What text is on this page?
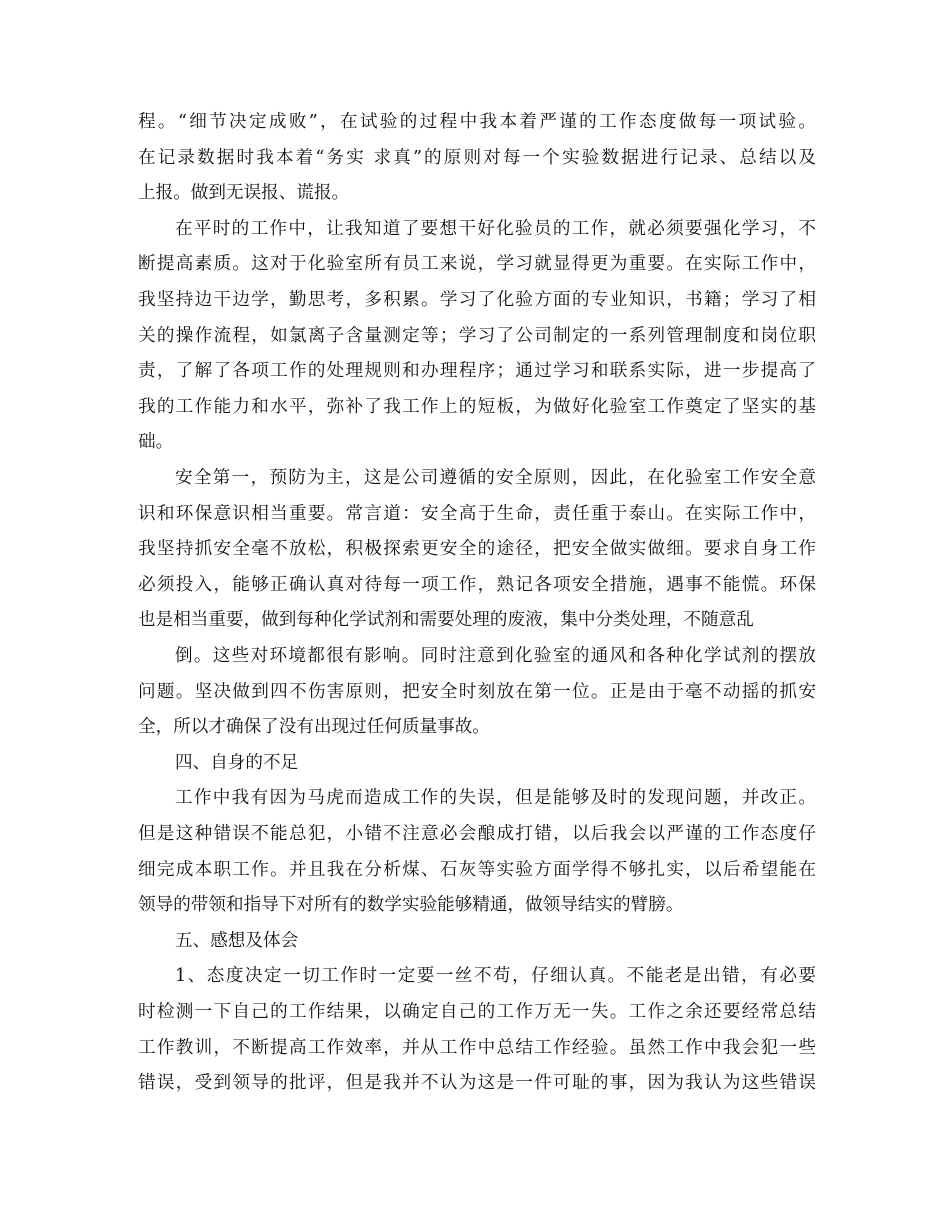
程。“细节决定成败”，在试验的过程中我本着严谨的工作态度做每一项试验。
在记录数据时我本着“务实 求真”的原则对每一个实验数据进行记录、总结以及
上报。做到无误报、谎报。
在平时的工作中，让我知道了要想干好化验员的工作，就必须要强化学习，不
断提高素质。这对于化验室所有员工来说，学习就显得更为重要。在实际工作中，
我坚持边干边学，勤思考，多积累。学习了化验方面的专业知识，书籍；学习了相
关的操作流程，如氯离子含量测定等；学习了公司制定的一系列管理制度和岗位职
责，了解了各项工作的处理规则和办理程序；通过学习和联系实际，进一步提高了
我的工作能力和水平，弥补了我工作上的短板，为做好化验室工作奠定了坚实的基
础。
安全第一，预防为主，这是公司遵循的安全原则，因此，在化验室工作安全意
识和环保意识相当重要。常言道：安全高于生命，责任重于泰山。在实际工作中，
我坚持抓安全毫不放松，积极探索更安全的途径，把安全做实做细。要求自身工作
必须投入，能够正确认真对待每一项工作，熟记各项安全措施，遇事不能慌。环保
也是相当重要，做到每种化学试剂和需要处理的废液，集中分类处理，不随意乱
倒。这些对环境都很有影响。同时注意到化验室的通风和各种化学试剂的摆放
问题。坚决做到四不伤害原则，把安全时刻放在第一位。正是由于毫不动摇的抓安
全，所以才确保了没有出现过任何质量事故。
四、自身的不足
工作中我有因为马虎而造成工作的失误，但是能够及时的发现问题，并改正。
但是这种错误不能总犯，小错不注意必会酿成打错，以后我会以严谨的工作态度仔
细完成本职工作。并且我在分析煤、石灰等实验方面学得不够扎实，以后希望能在
领导的带领和指导下对所有的数学实验能够精通，做领导结实的臂膀。
五、感想及体会
1、态度决定一切工作时一定要一丝不苟，仔细认真。不能老是出错，有必要
时检测一下自己的工作结果，以确定自己的工作万无一失。工作之余还要经常总结
工作教训，不断提高工作效率，并从工作中总结工作经验。虽然工作中我会犯一些
错误，受到领导的批评，但是我并不认为这是一件可耻的事，因为我认为这些错误
